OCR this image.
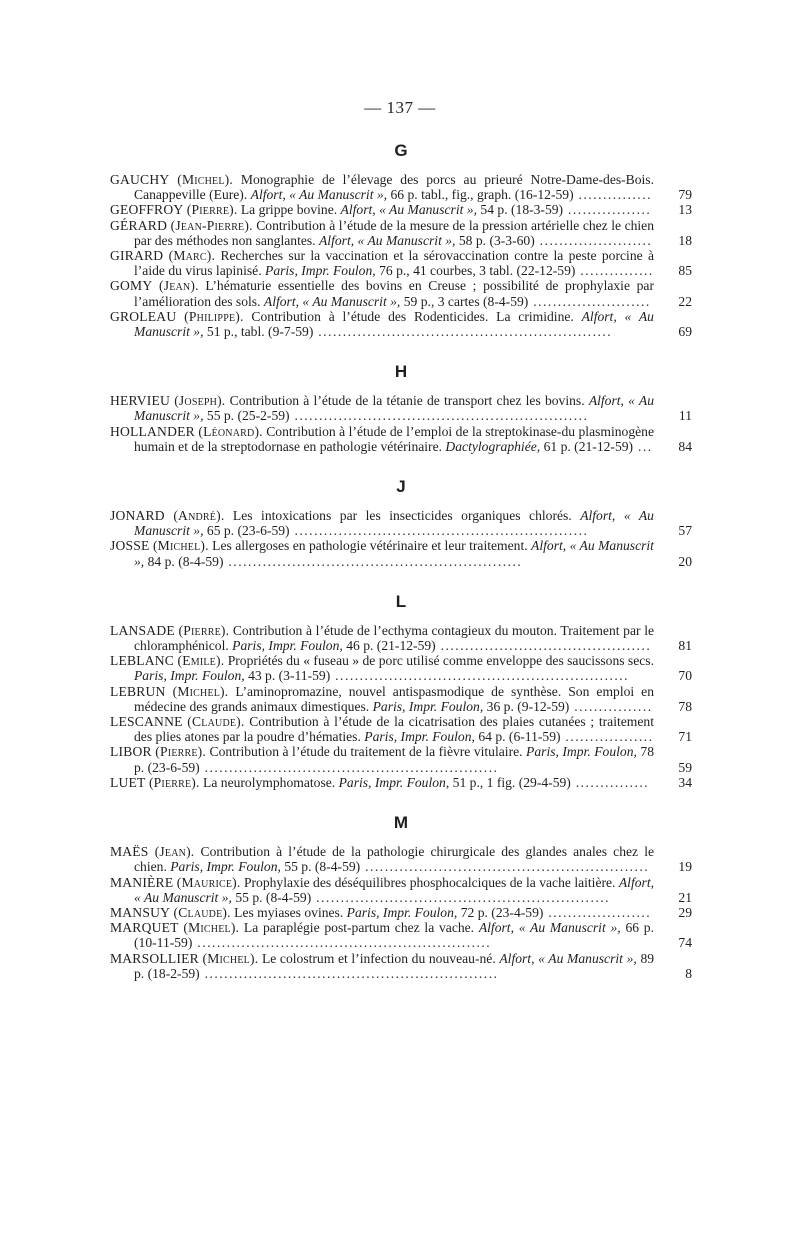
— 137 —
G
GAUCHY (Michel). Monographie de l’élevage des porcs au prieuré Notre-Dame-des-Bois. Canappeville (Eure). Alfort, « Au Manuscrit », 66 p. tabl., fig., graph. (16-12-59) ...............	79
GEOFFROY (Pierre). La grippe bovine. Alfort, « Au Manuscrit », 54 p. (18-3-59) .................	13
GÉRARD (Jean-Pierre). Contribution à l’étude de la mesure de la pression artérielle chez le chien par des méthodes non sanglantes. Alfort, « Au Manuscrit », 58 p. (3-3-60) .......................	18
GIRARD (Marc). Recherches sur la vaccination et la sérovaccination contre la peste porcine à l’aide du virus lapinisé. Paris, Impr. Foulon, 76 p., 41 courbes, 3 tabl. (22-12-59) ...............	85
GOMY (Jean). L’hématurie essentielle des bovins en Creuse ; possibilité de prophylaxie par l’amélioration des sols. Alfort, « Au Manuscrit », 59 p., 3 cartes (8-4-59) ........................	22
GROLEAU (Philippe). Contribution à l’étude des Rodenticides. La crimidine. Alfort, « Au Manuscrit », 51 p., tabl. (9-7-59) ............................................................	69
H
HERVIEU (Joseph). Contribution à l’étude de la tétanie de transport chez les bovins. Alfort, « Au Manuscrit », 55 p. (25-2-59) ............................................................	11
HOLLANDER (Léonard). Contribution à l’étude de l’emploi de la streptokinase-du plasminogène humain et de la streptodornase en pathologie vétérinaire. Dactylographiée, 61 p. (21-12-59) ...	84
J
JONARD (André). Les intoxications par les insecticides organiques chlorés. Alfort, « Au Manuscrit », 65 p. (23-6-59) ............................................................	57
JOSSE (Michel). Les allergoses en pathologie vétérinaire et leur traitement. Alfort, « Au Manuscrit », 84 p. (8-4-59) ............................................................	20
L
LANSADE (Pierre). Contribution à l’étude de l’ecthyma contagieux du mouton. Traitement par le chloramphénicol. Paris, Impr. Foulon, 46 p. (21-12-59) ...........................................	81
LEBLANC (Emile). Propriétés du « fuseau » de porc utilisé comme enveloppe des saucissons secs. Paris, Impr. Foulon, 43 p. (3-11-59) ............................................................	70
LEBRUN (Michel). L’aminopromazine, nouvel antispasmodique de synthèse. Son emploi en médecine des grands animaux dimestiques. Paris, Impr. Foulon, 36 p. (9-12-59) ................	78
LESCANNE (Claude). Contribution à l’étude de la cicatrisation des plaies cutanées ; traitement des plies atones par la poudre d’hématies. Paris, Impr. Foulon, 64 p. (6-11-59) ..................	71
LIBOR (Pierre). Contribution à l’étude du traitement de la fièvre vitulaire. Paris, Impr. Foulon, 78 p. (23-6-59) ............................................................	59
LUET (Pierre). La neurolymphomatose. Paris, Impr. Foulon, 51 p., 1 fig. (29-4-59) ...............	34
M
MAËS (Jean). Contribution à l’étude de la pathologie chirurgicale des glandes anales chez le chien. Paris, Impr. Foulon, 55 p. (8-4-59) ..........................................................	19
MANIÈRE (Maurice). Prophylaxie des déséquilibres phosphocalciques de la vache laitière. Alfort, « Au Manuscrit », 55 p. (8-4-59) ............................................................	21
MANSUY (Claude). Les myiases ovines. Paris, Impr. Foulon, 72 p. (23-4-59) .....................	29
MARQUET (Michel). La paraplégie post-partum chez la vache. Alfort, « Au Manuscrit », 66 p. (10-11-59) ............................................................	74
MARSOLLIER (Michel). Le colostrum et l’infection du nouveau-né. Alfort, « Au Manuscrit », 89 p. (18-2-59) ............................................................	8
